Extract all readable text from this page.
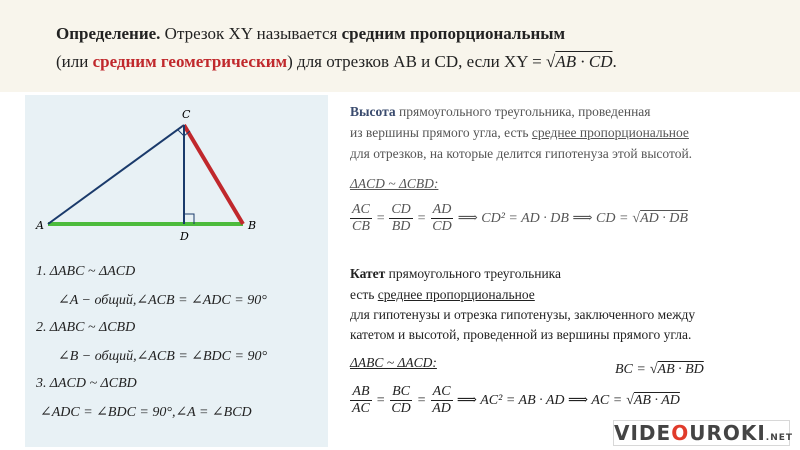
Определение. Отрезок XY называется средним пропорциональным
(или средним геометрическим) для отрезков AB и CD, если XY = √AB · CD.
A	B
C
D
1. ΔABC ~ ΔACD
∠A − общий,∠ACB = ∠ADC = 90°
2. ΔABC ~ ΔCBD
∠B − общий,∠ACB = ∠BDC = 90°
3. ΔACD ~ ΔCBD
∠ADC = ∠BDC = 90°,∠A = ∠BCD
Высота прямоугольного треугольника, проведенная
из вершины прямого угла, есть среднее пропорциональное
для отрезков, на которые делится гипотенуза этой высотой.
ΔACD ~ ΔCBD:
$\frac{AC}{CB} = \frac{CD}{BD} = \frac{AD}{CD}$ ⟹ CD² = AD · DB ⟹ CD = √AD · DB
Катет прямоугольного треугольника
есть среднее пропорциональное
для гипотенузы и отрезка гипотенузы, заключенного между
катетом и высотой, проведенной из вершины прямого угла.
ΔABC ~ ΔACD:	BC = √AB · BD
$\frac{AB}{AC} = \frac{BC}{CD} = \frac{AC}{AD}$ ⟹ AC² = AB · AD ⟹ AC = √AB · AD
VIDEOUROKI.NET
